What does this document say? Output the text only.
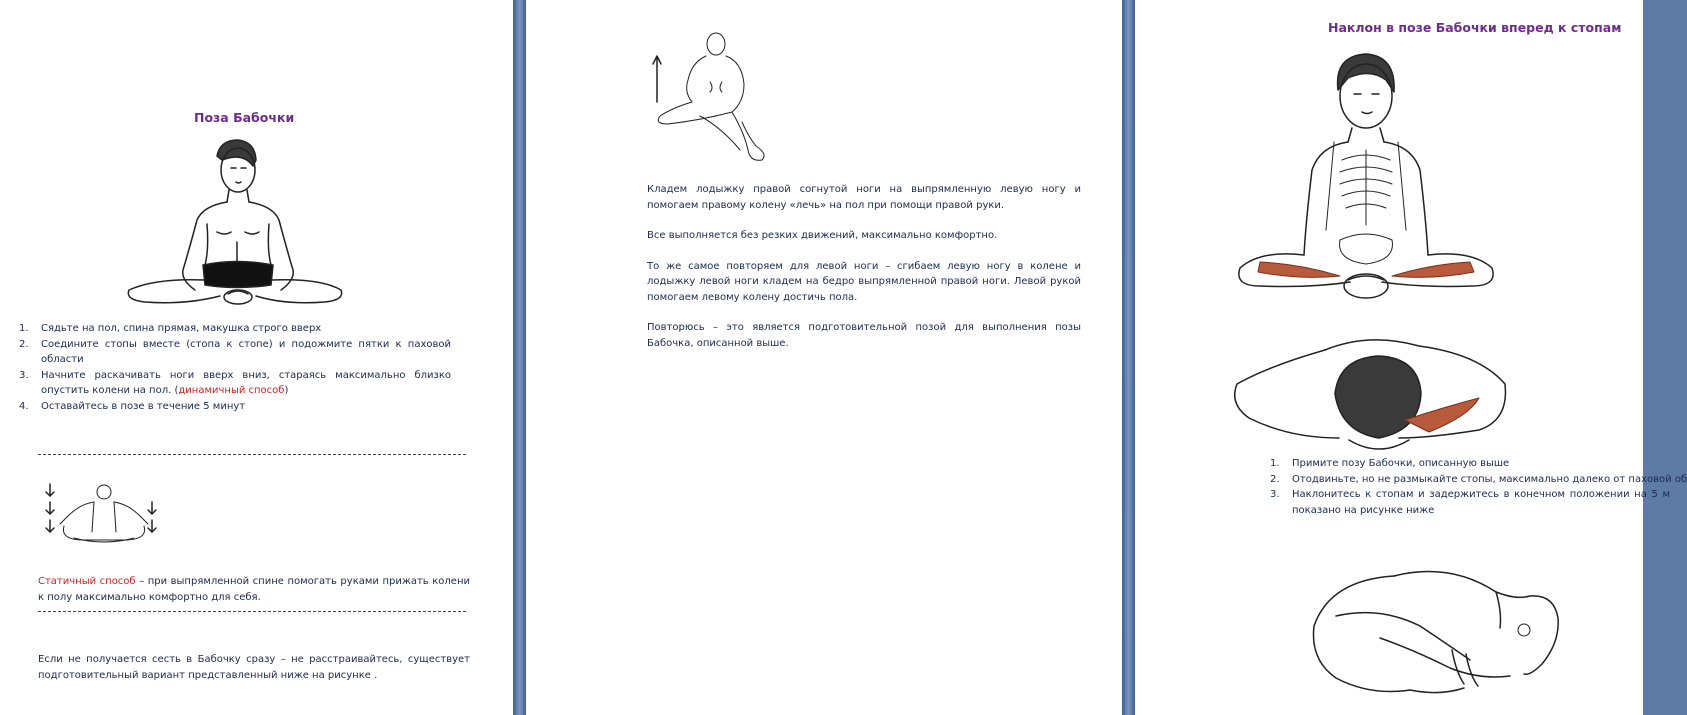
Поза Бабочки
1. Сядьте на пол, спина прямая, макушка строго вверх
2. Соедините стопы вместе (стопа к стопе) и подожмите пятки к паховой области
3. Начните раскачивать ноги вверх вниз, стараясь максимально близко опустить колени на пол. (динамичный способ)
4. Оставайтесь в позе в течение 5 минут

Статичный способ – при выпрямленной спине помогать руками прижать колени к полу максимально комфортно для себя.

Если не получается сесть в Бабочку сразу – не расстраивайтесь, существует подготовительный вариант представленный ниже на рисунке .

Кладем лодыжку правой согнутой ноги на выпрямленную левую ногу и помогаем правому колену «лечь» на пол при помощи правой руки.

Все выполняется без резких движений, максимально комфортно.

То же самое повторяем для левой ноги – сгибаем левую ногу в колене и лодыжку левой ноги кладем на бедро выпрямленной правой ноги. Левой рукой помогаем левому колену достичь пола.

Повторюсь – это является подготовительной позой для выполнения позы Бабочка, описанной выше.

Наклон в позе Бабочки вперед к стопам
1. Примите позу Бабочки, описанную выше
2. Отодвиньте, но не размыкайте стопы, максимально далеко от паховой об
3. Наклонитесь к стопам и задержитесь в конечном положении на 5 м показано на рисунке ниже
